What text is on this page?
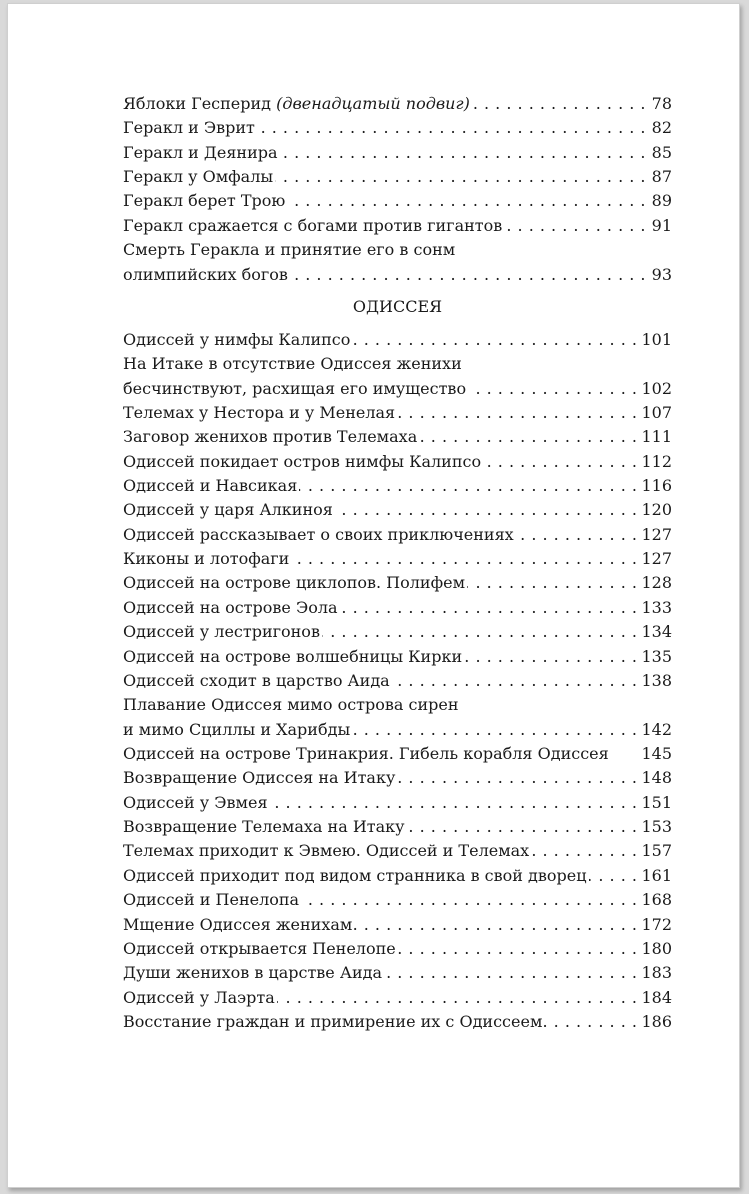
Яблоки Гесперид (двенадцатый подвиг) . . .	78
Геракл и Эврит . . .	82
Геракл и Деянира . . .	85
Геракл у Омфалы . . .	87
Геракл берет Трою . . .	89
Геракл сражается с богами против гигантов . . .	91
Смерть Геракла и принятие его в сонм
олимпийских богов . . .	93
ОДИССЕЯ
Одиссей у нимфы Калипсо . . .	101
На Итаке в отсутствие Одиссея женихи
бесчинствуют, расхищая его имущество . . .	102
Телемах у Нестора и у Менелая . . .	107
Заговор женихов против Телемаха . . .	111
Одиссей покидает остров нимфы Калипсо . . .	112
Одиссей и Навсикая . . .	116
Одиссей у царя Алкиноя . . .	120
Одиссей рассказывает о своих приключениях . . .	127
Киконы и лотофаги . . .	127
Одиссей на острове циклопов. Полифем . . .	128
Одиссей на острове Эола . . .	133
Одиссей у лестригонов . . .	134
Одиссей на острове волшебницы Кирки . . .	135
Одиссей сходит в царство Аида . . .	138
Плавание Одиссея мимо острова сирен
и мимо Сциллы и Харибды . . .	142
Одиссей на острове Тринакрия. Гибель корабля Одиссея 145
Возвращение Одиссея на Итаку . . .	148
Одиссей у Эвмея . . .	151
Возвращение Телемаха на Итаку . . .	153
Телемах приходит к Эвмею. Одиссей и Телемах . . .	157
Одиссей приходит под видом странника в свой дворец . . .	161
Одиссей и Пенелопа . . .	168
Мщение Одиссея женихам . . .	172
Одиссей открывается Пенелопе . . .	180
Души женихов в царстве Аида . . .	183
Одиссей у Лаэрта . . .	184
Восстание граждан и примирение их с Одиссеем . . .	186
